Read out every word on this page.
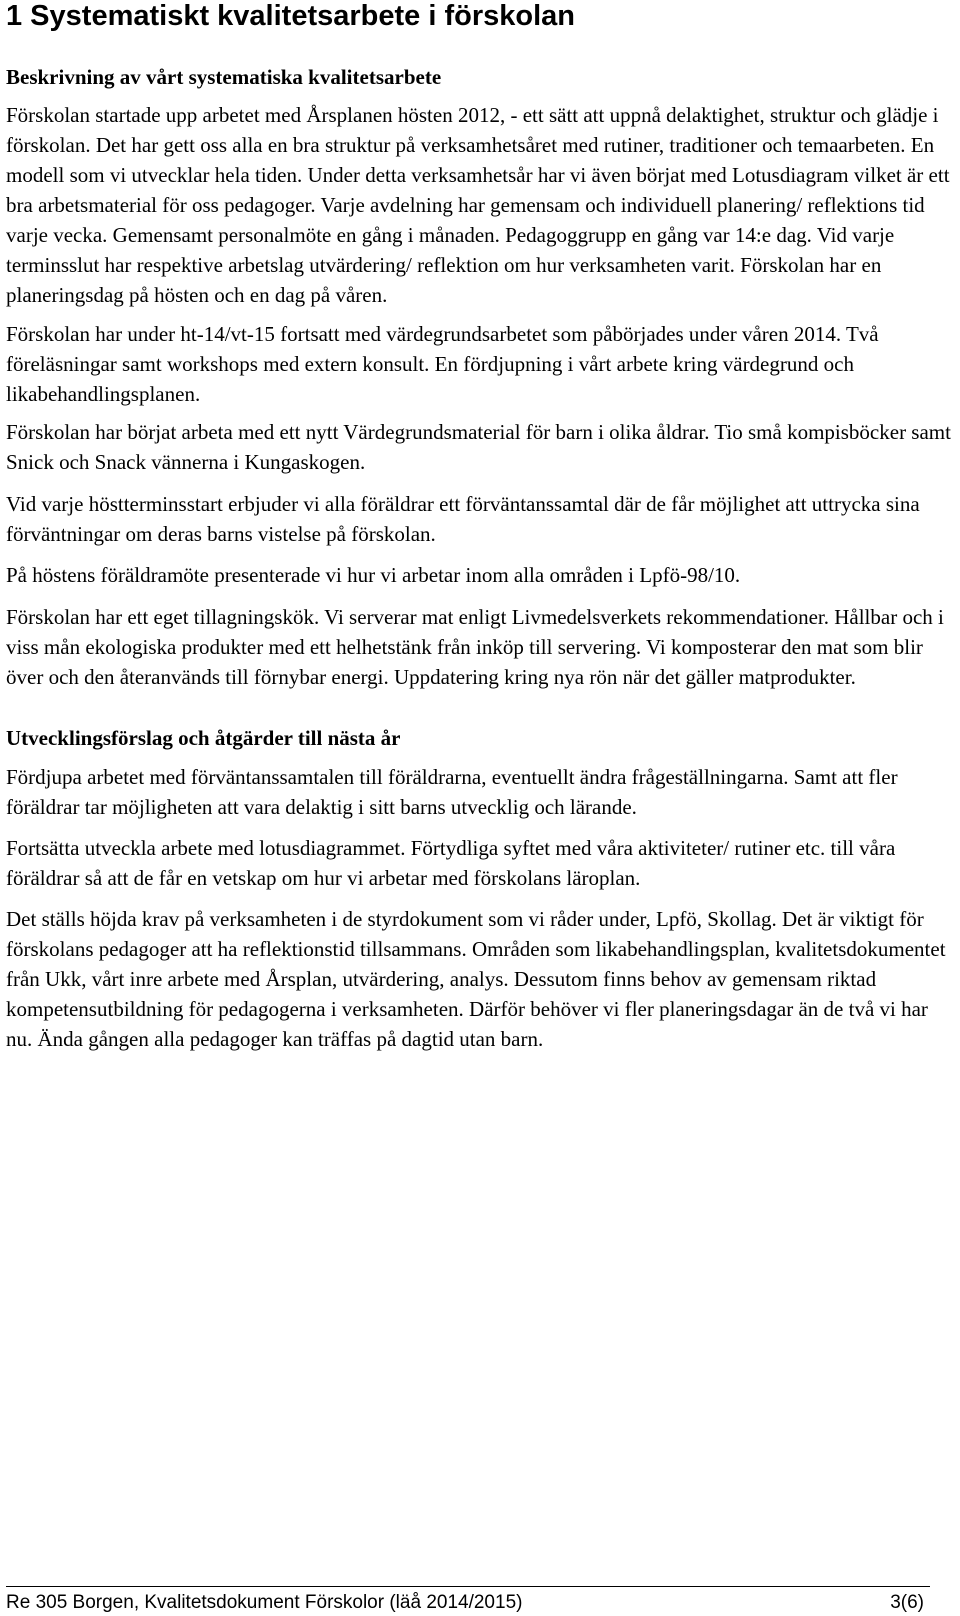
1 Systematiskt kvalitetsarbete i förskolan
Beskrivning av vårt systematiska kvalitetsarbete

Förskolan startade upp arbetet med Årsplanen hösten 2012, - ett sätt att uppnå delaktighet, struktur och glädje i förskolan. Det har gett oss alla en bra struktur på verksamhetsåret med rutiner, traditioner och temaarbeten. En modell som vi utvecklar hela tiden. Under detta verksamhetsår har vi även börjat med Lotusdiagram vilket är ett bra arbetsmaterial för oss pedagoger. Varje avdelning har gemensam och individuell planering/ reflektions tid varje vecka. Gemensamt personalmöte en gång i månaden. Pedagoggrupp en gång var 14:e dag. Vid varje terminsslut har respektive arbetslag utvärdering/ reflektion om hur verksamheten varit. Förskolan har en planeringsdag på hösten och en dag på våren.

Förskolan har under ht-14/vt-15 fortsatt med värdegrundsarbetet som påbörjades under våren 2014. Två föreläsningar samt workshops med extern konsult. En fördjupning i vårt arbete kring värdegrund och likabehandlingsplanen.

Förskolan har börjat arbeta med ett nytt Värdegrundsmaterial för barn i olika åldrar. Tio små kompisböcker samt Snick och Snack vännerna i Kungaskogen.

Vid varje höstterminsstart erbjuder vi alla föräldrar ett förväntanssamtal där de får möjlighet att uttrycka sina förväntningar om deras barns vistelse på förskolan.

På höstens föräldramöte presenterade vi hur vi arbetar inom alla områden i Lpfö-98/10.

Förskolan har ett eget tillagningskök. Vi serverar mat enligt Livmedelsverkets rekommendationer. Hållbar och i viss mån ekologiska produkter med ett helhetstänk från inköp till servering. Vi komposterar den mat som blir över och den återanvänds till förnybar energi. Uppdatering kring nya rön när det gäller matprodukter.

Utvecklingsförslag och åtgärder till nästa år

Fördjupa arbetet med förväntanssamtalen till föräldrarna, eventuellt ändra frågeställningarna. Samt att fler föräldrar tar möjligheten att vara delaktig i sitt barns utvecklig och lärande.

Fortsätta utveckla arbete med lotusdiagrammet. Förtydliga syftet med våra aktiviteter/ rutiner etc. till våra föräldrar så att de får en vetskap om hur vi arbetar med förskolans läroplan.

Det ställs höjda krav på verksamheten i de styrdokument som vi råder under, Lpfö, Skollag. Det är viktigt för förskolans pedagoger att ha reflektionstid tillsammans. Områden som likabehandlingsplan, kvalitetsdokumentet från Ukk, vårt inre arbete med Årsplan, utvärdering, analys. Dessutom finns behov av gemensam riktad kompetensutbildning för pedagogerna i verksamheten. Därför behöver vi fler planeringsdagar än de två vi har nu. Ända gången alla pedagoger kan träffas på dagtid utan barn.

Re 305 Borgen, Kvalitetsdokument Förskolor (läå 2014/2015)	3(6)
